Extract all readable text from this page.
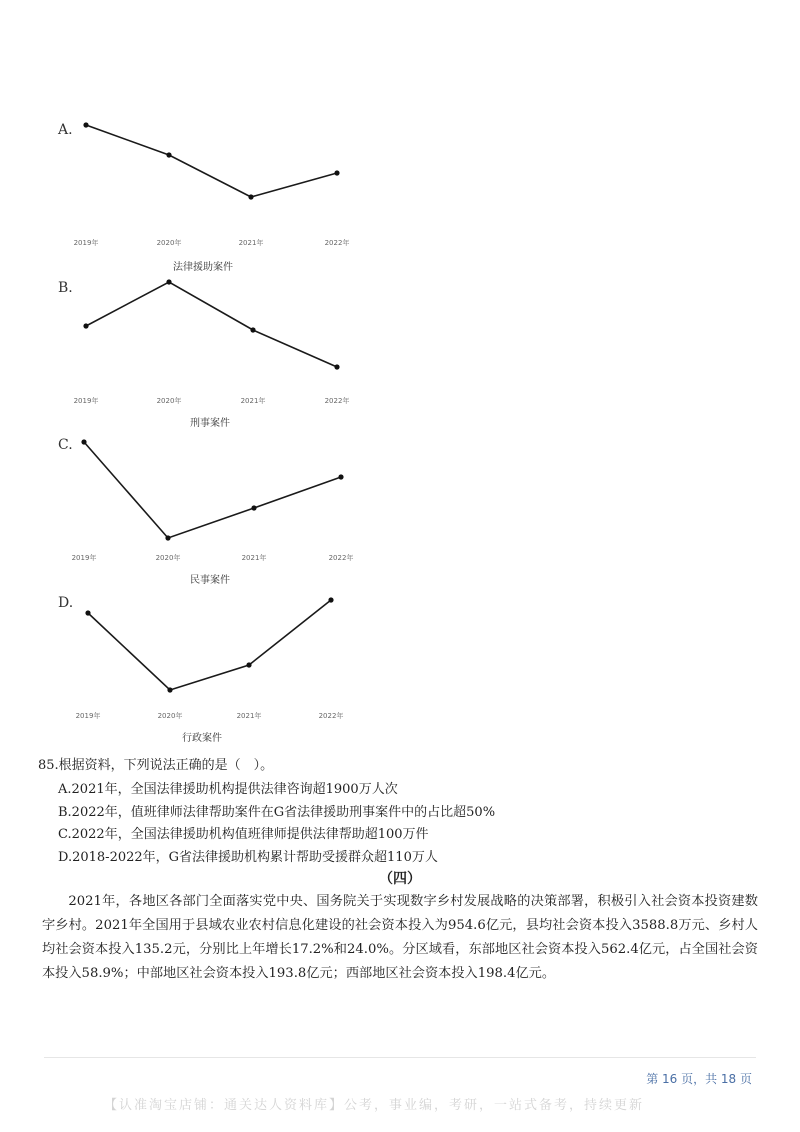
A.
2019年	2020年	2021年	2022年
法律援助案件
B.
2019年	2020年	2021年	2022年
刑事案件
C.
2019年	2020年	2021年	2022年
民事案件
D.
2019年	2020年	2021年	2022年
行政案件
85.根据资料，下列说法正确的是（　）。
A.2021年，全国法律援助机构提供法律咨询超1900万人次
B.2022年，值班律师法律帮助案件在G省法律援助刑事案件中的占比超50%
C.2022年，全国法律援助机构值班律师提供法律帮助超100万件
D.2018-2022年，G省法律援助机构累计帮助受援群众超110万人
（四）
2021年，各地区各部门全面落实党中央、国务院关于实现数字乡村发展战略的决策部署，积极引入社会资本投资建数字乡村。2021年全国用于县域农业农村信息化建设的社会资本投入为954.6亿元，县均社会资本投入3588.8万元、乡村人均社会资本投入135.2元，分别比上年增长17.2%和24.0%。分区域看，东部地区社会资本投入562.4亿元，占全国社会资本投入58.9%；中部地区社会资本投入193.8亿元；西部地区社会资本投入198.4亿元。
第 16 页，共 18 页
【认准淘宝店铺：通关达人资料库】公考，事业编，考研，一站式备考，持续更新
